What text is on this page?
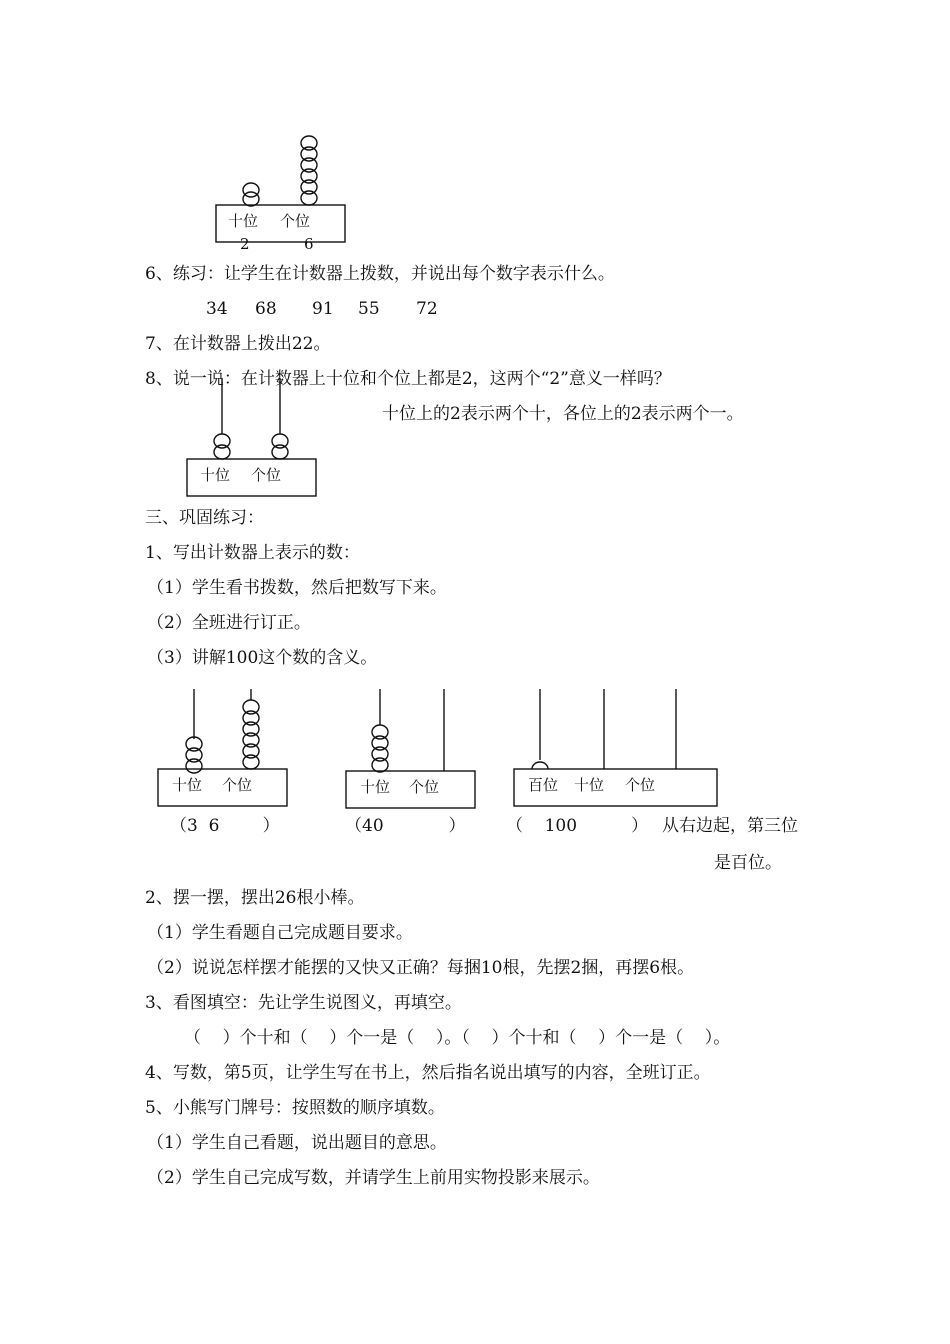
十位 个位
2	6
6、练习：让学生在计数器上拨数，并说出每个数字表示什么。
34 68 91 55 72
7、在计数器上拨出22。
8、说一说：在计数器上十位和个位上都是2，这两个“2”意义一样吗？
十位上的2表示两个十，各位上的2表示两个一。
十位 个位
三、巩固练习：
1、写出计数器上表示的数：
（1）学生看书拨数，然后把数写下来。
（2）全班进行订正。
（3）讲解100这个数的含义。
十位 个位	十位 个位	百位 十位 个位
（3  6        ）	（40            ） （    100          ） 从右边起，第三位
是百位。
2、摆一摆，摆出26根小棒。
（1）学生看题自己完成题目要求。
（2）说说怎样摆才能摆的又快又正确？每捆10根，先摆2捆，再摆6根。
3、看图填空：先让学生说图义，再填空。
（    ）个十和（    ）个一是（    ）。（    ）个十和（    ）个一是（    ）。
4、写数，第5页，让学生写在书上，然后指名说出填写的内容，全班订正。
5、小熊写门牌号：按照数的顺序填数。
（1）学生自己看题，说出题目的意思。
（2）学生自己完成写数，并请学生上前用实物投影来展示。
